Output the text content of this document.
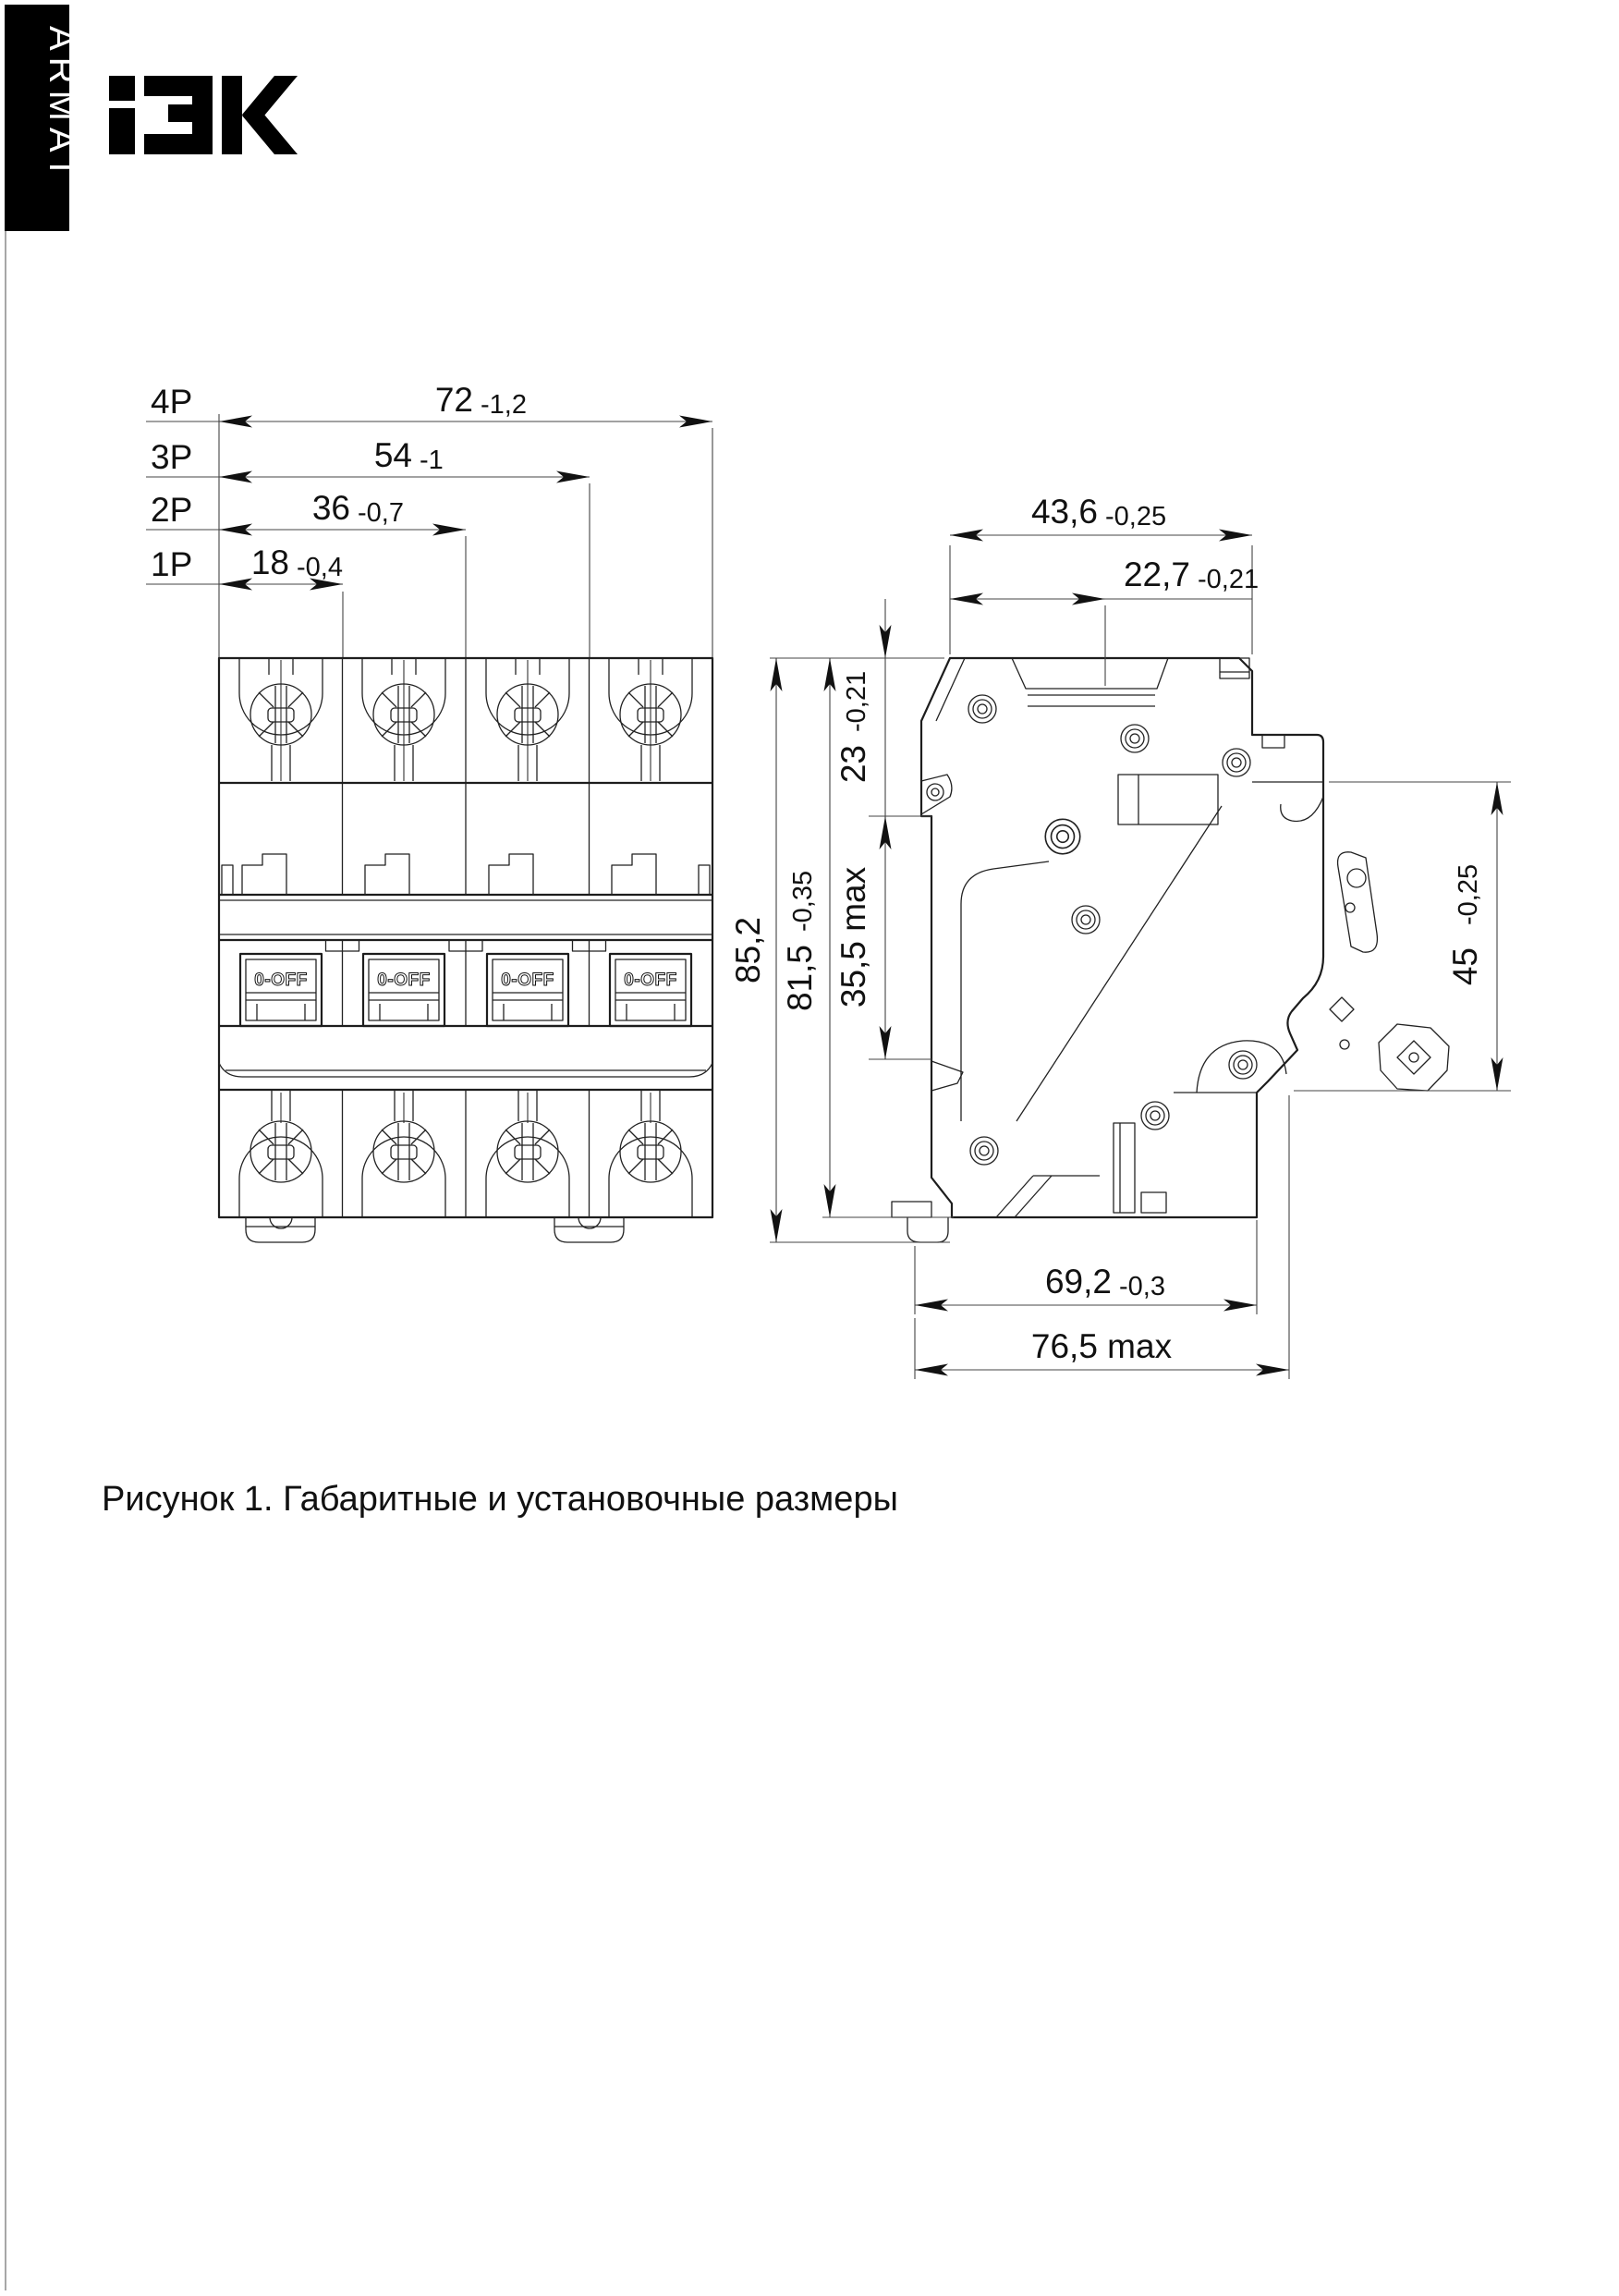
ARMAT
4P
3P
2P
1P
72 -1,2
54 -1
36 -0,7
18 -0,4
0-OFF	0-OFF	0-OFF	0-OFF
43,6 -0,25
22,7 -0,21
23
-0,21
35,5 max
81,5
-0,35
85,2	45
-0,25
69,2 -0,3
76,5 max
Рисунок 1. Габаритные и установочные размеры
